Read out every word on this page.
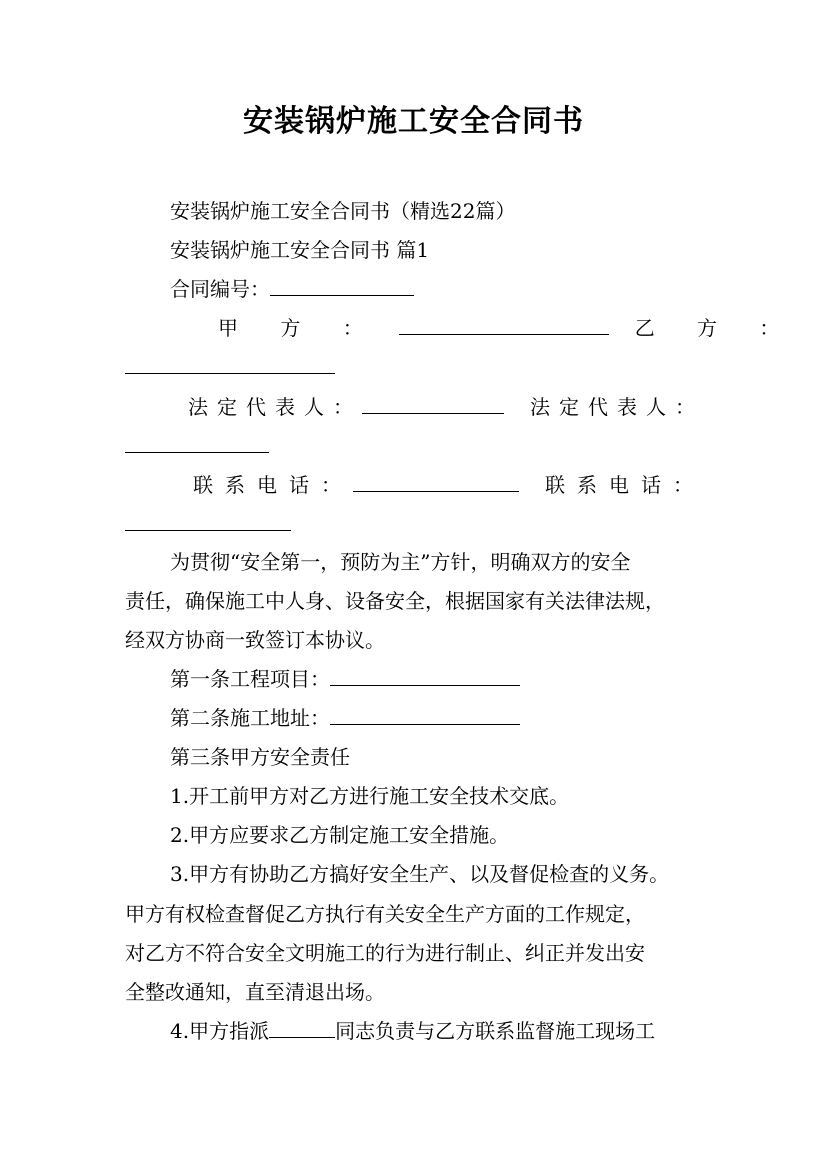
安装锅炉施工安全合同书
安装锅炉施工安全合同书（精选22篇）
安装锅炉施工安全合同书 篇1
合同编号：
甲 方 ：	乙 方 ：
法定代表人：	法定代表人：
联系电话：	联系电话：
为贯彻“安全第一，预防为主”方针，明确双方的安全
责任，确保施工中人身、设备安全，根据国家有关法律法规，
经双方协商一致签订本协议。
第一条工程项目：
第二条施工地址：
第三条甲方安全责任
1.开工前甲方对乙方进行施工安全技术交底。
2.甲方应要求乙方制定施工安全措施。
3.甲方有协助乙方搞好安全生产、以及督促检查的义务。
甲方有权检查督促乙方执行有关安全生产方面的工作规定，
对乙方不符合安全文明施工的行为进行制止、纠正并发出安
全整改通知，直至清退出场。
4.甲方指派	同志负责与乙方联系监督施工现场工
